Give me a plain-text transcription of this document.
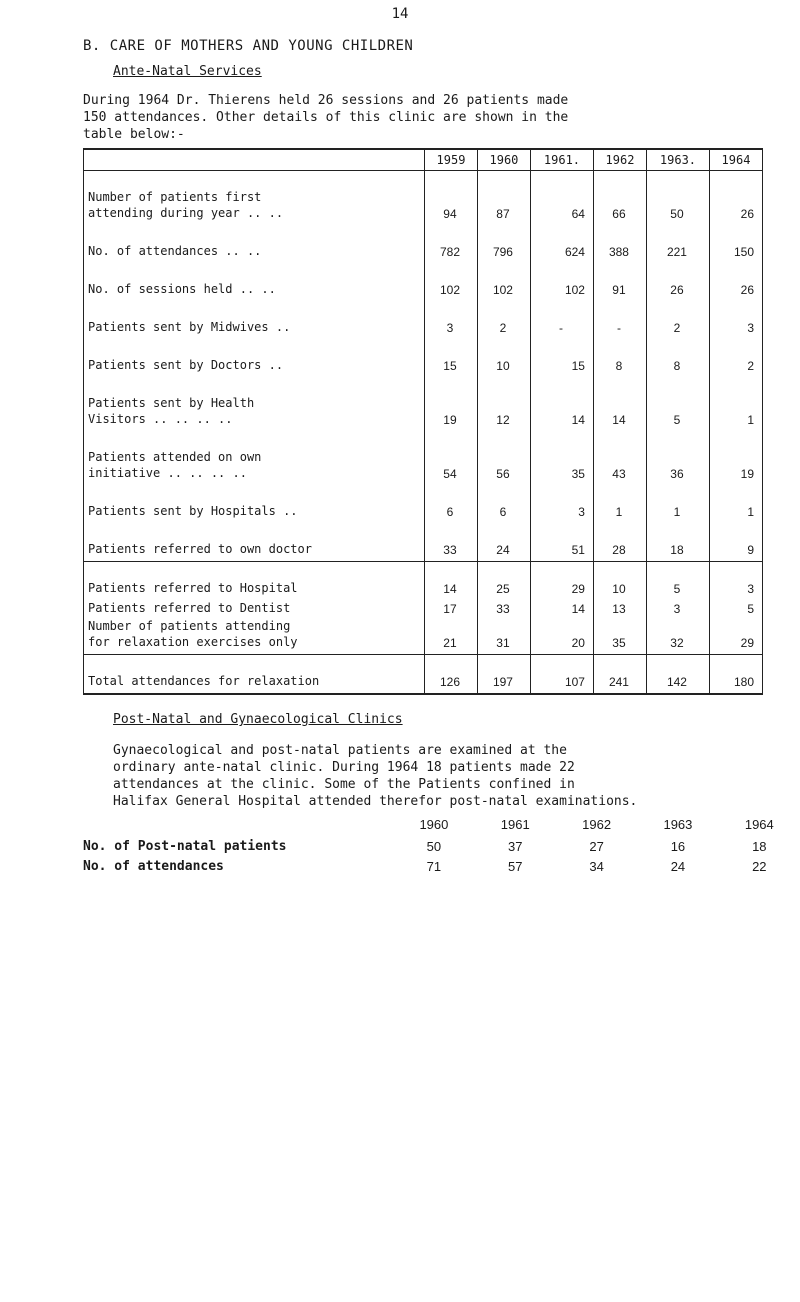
14
B. CARE OF MOTHERS AND YOUNG CHILDREN
Ante-Natal Services
During 1964 Dr. Thierens held 26 sessions and 26 patients made
150 attendances. Other details of this clinic are shown in the
table below:-
	1959	1960	1961.	1962	1963.	1964
Number of patients first
attending during year .. ..	94	87	64	66	50	26
No. of attendances .. ..	782	796	624	388	221	150
No. of sessions held .. ..	102	102	102	91	26	26
Patients sent by Midwives ..	3	2	-	-	2	3
Patients sent by Doctors ..	15	10	15	8	8	2
Patients sent by Health
Visitors .. .. .. ..	19	12	14	14	5	1
Patients attended on own
initiative .. .. .. ..	54	56	35	43	36	19
Patients sent by Hospitals ..	6	6	3	1	1	1
Patients referred to own doctor	33	24	51	28	18	9
Patients referred to Hospital	14	25	29	10	5	3
Patients referred to Dentist	17	33	14	13	3	5
Number of patients attending
for relaxation exercises only	21	31	20	35	32	29
Total attendances for relaxation	126	197	107	241	142	180
Post-Natal and Gynaecological Clinics
Gynaecological and post-natal patients are examined at the
ordinary ante-natal clinic. During 1964 18 patients made 22
attendances at the clinic. Some of the Patients confined in
Halifax General Hospital attended therefor post-natal examinations.
	1960	1961	1962	1963	1964
No. of Post-natal patients	50	37	27	16	18
No. of attendances	71	57	34	24	22
